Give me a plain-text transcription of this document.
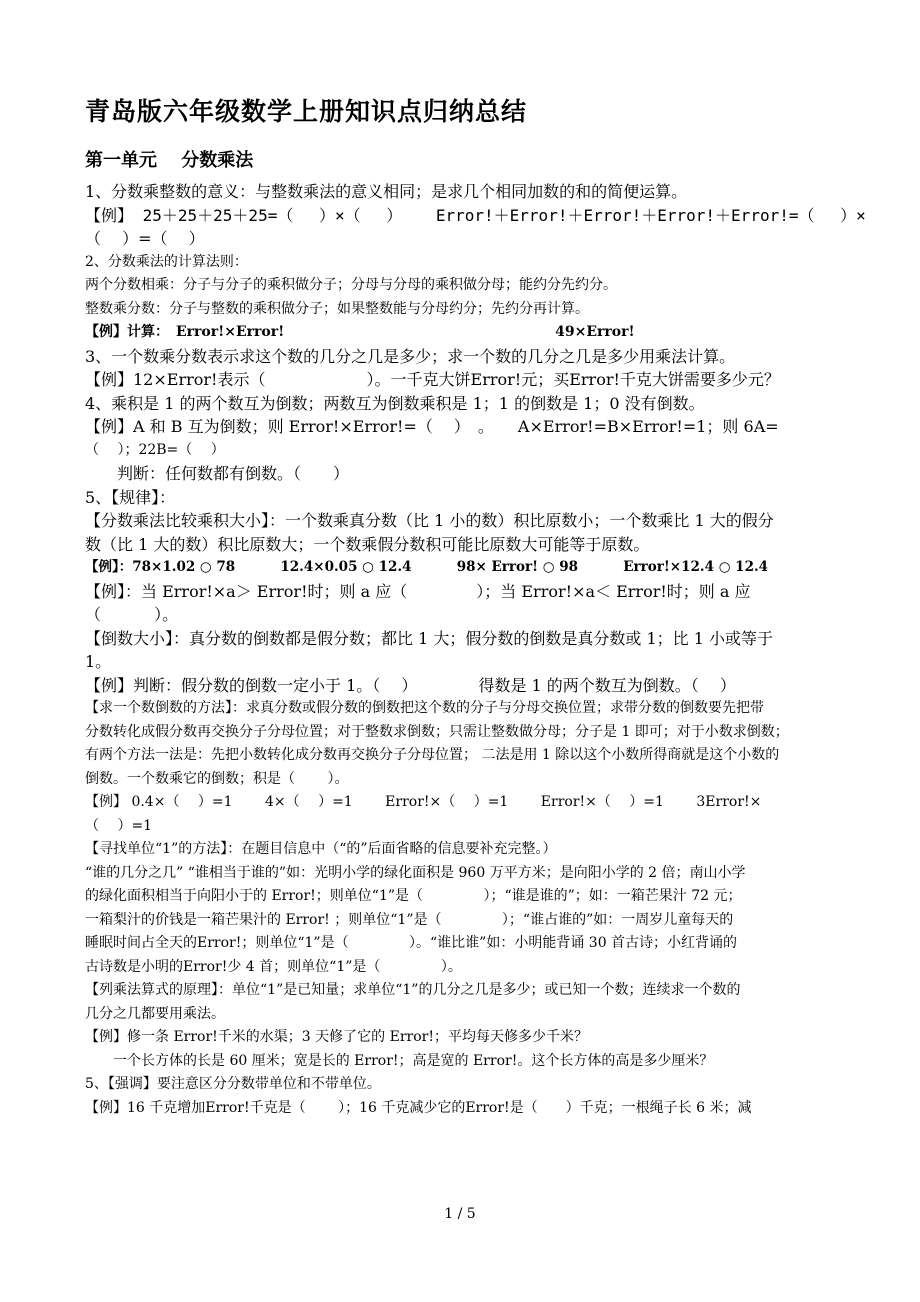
青岛版六年级数学上册知识点归纳总结
第一单元　 分数乘法
1、分数乘整数的意义：与整数乘法的意义相同；是求几个相同加数的和的简便运算。
【例】 25＋25＋25＋25=（　 ）×（　 ）　　 Error!＋Error!＋Error!＋Error!＋Error!=（　 ）×
（　 ）=（　 ）
2、分数乘法的计算法则：
两个分数相乘：分子与分子的乘积做分子；分母与分母的乘积做分母；能约分先约分。
整数乘分数：分子与整数的乘积做分子；如果整数能与分母约分；先约分再计算。
【例】计算：　Error!×Error!　　　　　　　　　　　　　　　　　　　 49×Error!
3、一个数乘分数表示求这个数的几分之几是多少；求一个数的几分之几是多少用乘法计算。
【例】12×Error!表示（　　　　　　 ）。一千克大饼Error!元；买Error!千克大饼需要多少元？
4、乘积是 1 的两个数互为倒数；两数互为倒数乘积是 1；1 的倒数是 1；0 没有倒数。
【例】A 和 B 互为倒数；则 Error!×Error!=（　 ）　。　　A×Error!=B×Error!=1；则 6A=
（　 ）；22B=（　 ）
　　判断：任何数都有倒数。（　　）
5、【规律】：
【分数乘法比较乘积大小】：一个数乘真分数（比 1 小的数）积比原数小；一个数乘比 1 大的假分
数（比 1 大的数）积比原数大；一个数乘假分数积可能比原数大可能等于原数。
【例】：78×1.02 ○ 78　　　 12.4×0.05 ○ 12.4　　　 98× Error! ○ 98　　　 Error!×12.4 ○ 12.4
【例】：当 Error!×a＞ Error!时；则 a 应（　　　　 ）；当 Error!×a＜ Error!时；则 a 应
（　　　 ）。
【倒数大小】：真分数的倒数都是假分数；都比 1 大；假分数的倒数是真分数或 1；比 1 小或等于
1。
【例】判断：假分数的倒数一定小于 1。（　 ）　　　　 得数是 1 的两个数互为倒数。（　 ）
【求一个数倒数的方法】：求真分数或假分数的倒数把这个数的分子与分母交换位置；求带分数的倒数要先把带
分数转化成假分数再交换分子分母位置；对于整数求倒数；只需让整数做分母；分子是 1 即可；对于小数求倒数；
有两个方法一法是：先把小数转化成分数再交换分子分母位置； 二法是用 1 除以这个小数所得商就是这个小数的
倒数。一个数乘它的倒数；积是（　　 ）。
【例】 0.4×（　 ）=1　　 4×（　 ）=1　　 Error!×（　 ）=1　　 Error!×（　 ）=1　　 3Error!×
（　 ）=1
【寻找单位“1”的方法】：在题目信息中（“的”后面省略的信息要补充完整。）
“谁的几分之几” “谁相当于谁的”如：光明小学的绿化面积是 960 万平方米；是向阳小学的 2 倍；南山小学
的绿化面积相当于向阳小于的 Error!；则单位“1”是（　　　　 ）；“谁是谁的”；如：一箱芒果汁 72 元；
一箱梨汁的价钱是一箱芒果汁的 Error! ；则单位“1”是（　　　　 ）；“谁占谁的”如：一周岁儿童每天的
睡眠时间占全天的Error!；则单位“1”是（　　　　 ）。“谁比谁”如：小明能背诵 30 首古诗；小红背诵的
古诗数是小明的Error!少 4 首；则单位“1”是（　　　　 ）。
【列乘法算式的原理】：单位“1”是已知量；求单位“1”的几分之几是多少；或已知一个数；连续求一个数的
几分之几都要用乘法。
【例】修一条 Error!千米的水渠；3 天修了它的 Error!；平均每天修多少千米？
　　一个长方体的长是 60 厘米；宽是长的 Error!；高是宽的 Error!。这个长方体的高是多少厘米？
5、【强调】要注意区分分数带单位和不带单位。
【例】16 千克增加Error!千克是（　　 ）；16 千克减少它的Error!是（　　）千克；一根绳子长 6 米；减
1 / 5
